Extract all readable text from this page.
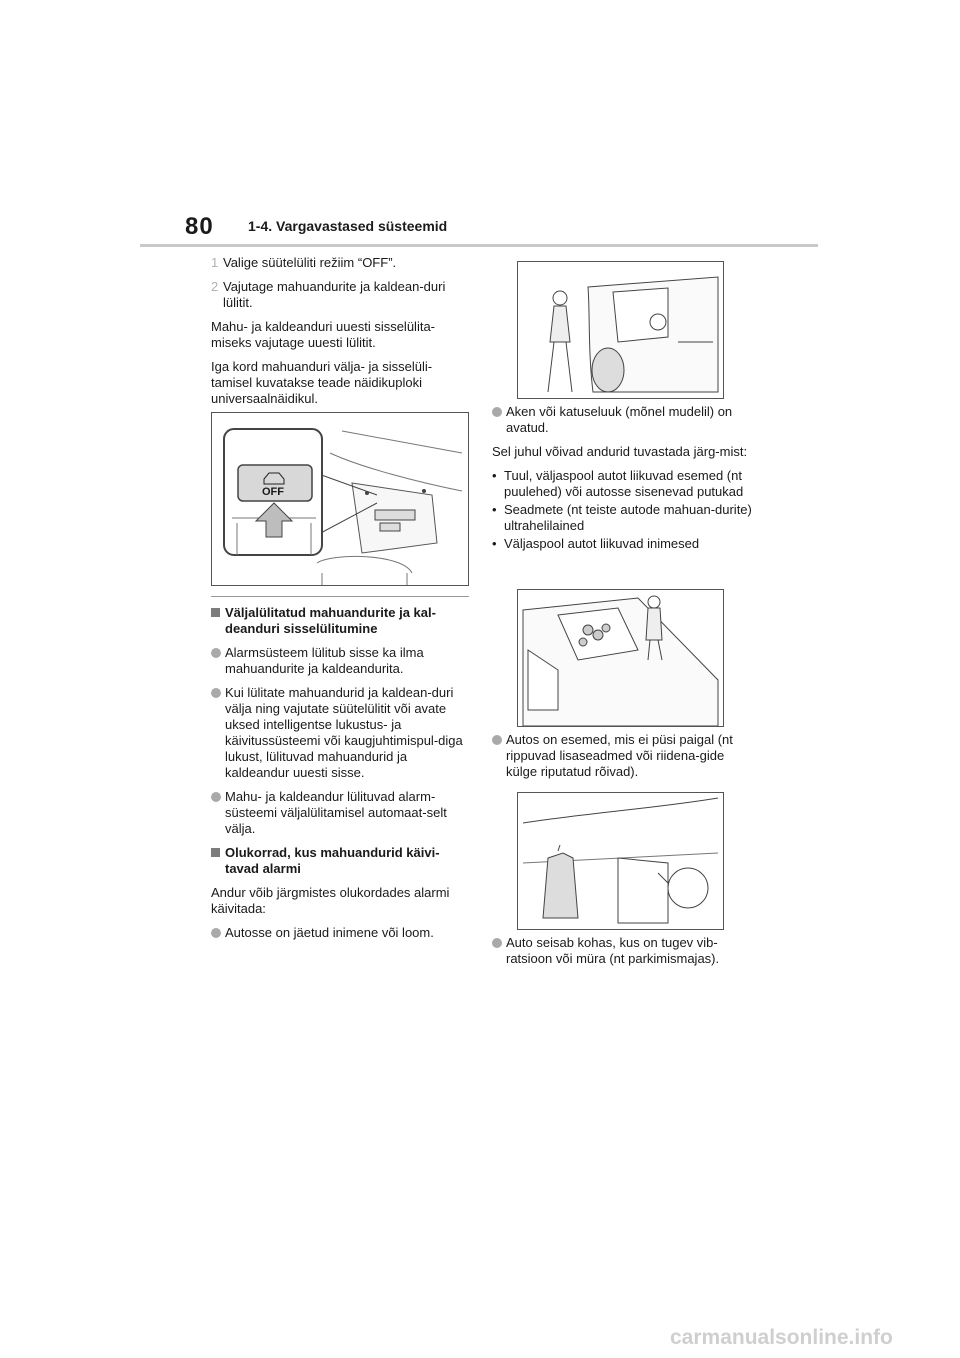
80 1-4. Vargavastased süsteemid
1 Valige süütelüliti režiim “OFF”.
2 Vajutage mahuandurite ja kaldean-duri lülitit.

Mahu- ja kaldeanduri uuesti sisselülita-miseks vajutage uuesti lülitit.

Iga kord mahuanduri välja- ja sisselüli-tamisel kuvatakse teade näidikuploki universaalnäidikul.

OFF
Väljalülitatud mahuandurite ja kal-deanduri sisselülitumine
Alarmsüsteem lülitub sisse ka ilma mahuandurite ja kaldeandurita.
Kui lülitate mahuandurid ja kaldean-duri välja ning vajutate süütelülitit või avate uksed intelligentse lukustus- ja käivitussüsteemi või kaugjuhtimispul-diga lukust, lülituvad mahuandurid ja kaldeandur uuesti sisse.
Mahu- ja kaldeandur lülituvad alarm-süsteemi väljalülitamisel automaat-selt välja.
Olukorrad, kus mahuandurid käivi-tavad alarmi

Andur võib järgmistes olukordades alarmi käivitada:

Autosse on jäetud inimene või loom.
Aken või katuseluuk (mõnel mudelil) on avatud.

Sel juhul võivad andurid tuvastada järg-mist:

• Tuul, väljaspool autot liikuvad esemed (nt puulehed) või autosse sisenevad putukad
• Seadmete (nt teiste autode mahuan-durite) ultrahelilained
• Väljaspool autot liikuvad inimesed
Autos on esemed, mis ei püsi paigal (nt rippuvad lisaseadmed või riidena-gide külge riputatud rõivad).
Auto seisab kohas, kus on tugev vib-ratsioon või müra (nt parkimismajas).
carmanualsonline.info
